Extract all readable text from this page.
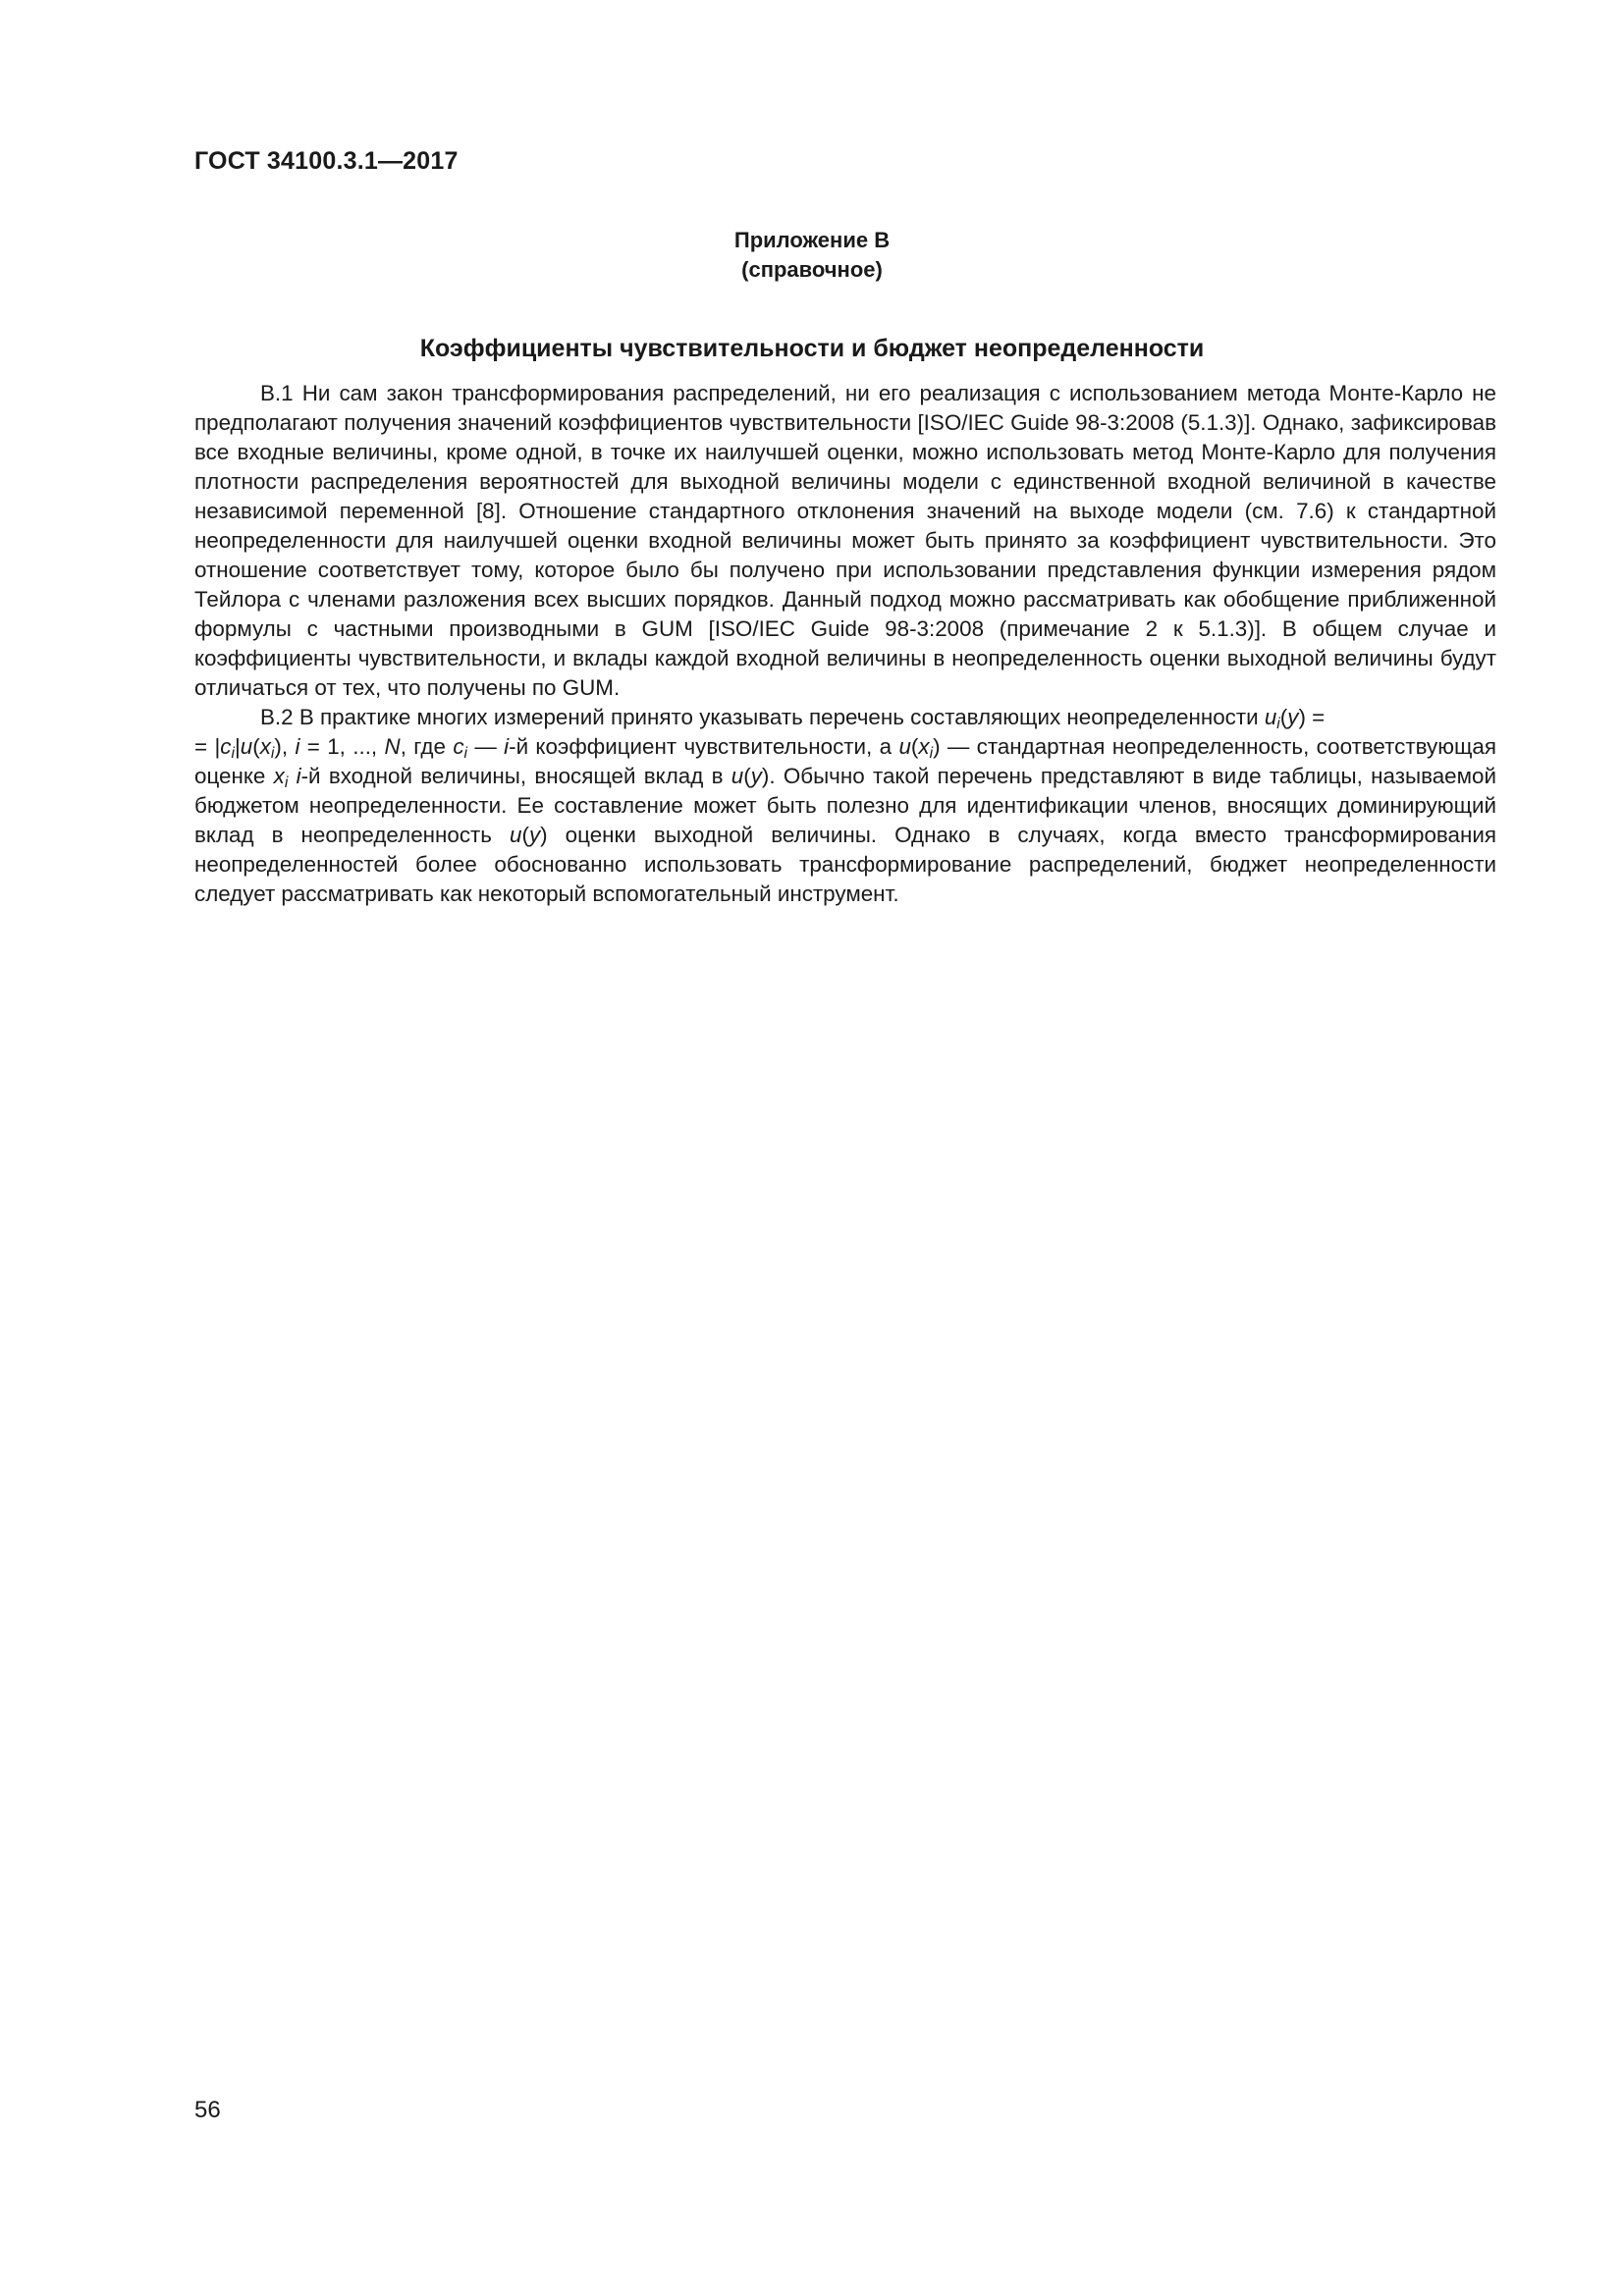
ГОСТ 34100.3.1—2017
Приложение В
(справочное)
Коэффициенты чувствительности и бюджет неопределенности

В.1 Ни сам закон трансформирования распределений, ни его реализация с использованием метода Монте-Карло не предполагают получения значений коэффициентов чувствительности [ISO/IEC Guide 98-3:2008 (5.1.3)]. Однако, зафиксировав все входные величины, кроме одной, в точке их наилучшей оценки, можно использовать метод Монте-Карло для получения плотности распределения вероятностей для выходной величины модели с единственной входной величиной в качестве независимой переменной [8]. Отношение стандартного отклонения значений на выходе модели (см. 7.6) к стандартной неопределенности для наилучшей оценки входной величины может быть принято за коэффициент чувствительности. Это отношение соответствует тому, которое было бы получено при использовании представления функции измерения рядом Тейлора с членами разложения всех высших порядков. Данный подход можно рассматривать как обобщение приближенной формулы с частными производными в GUM [ISO/IEC Guide 98-3:2008 (примечание 2 к 5.1.3)]. В общем случае и коэффициенты чувствительности, и вклады каждой входной величины в неопределенность оценки выходной величины будут отличаться от тех, что получены по GUM.

В.2 В практике многих измерений принято указывать перечень составляющих неопределенности $u_i(y)$ =
= $|c_i|u(x_i)$, i = 1, ..., N, где $c_i$ — i-й коэффициент чувствительности, а $u(x_i)$ — стандартная неопределенность, соответствующая оценке $x_i$ i-й входной величины, вносящей вклад в u(y). Обычно такой перечень представляют в виде таблицы, называемой бюджетом неопределенности. Ее составление может быть полезно для идентификации членов, вносящих доминирующий вклад в неопределенность u(y) оценки выходной величины. Однако в случаях, когда вместо трансформирования неопределенностей более обоснованно использовать трансформирование распределений, бюджет неопределенности следует рассматривать как некоторый вспомогательный инструмент.

56
